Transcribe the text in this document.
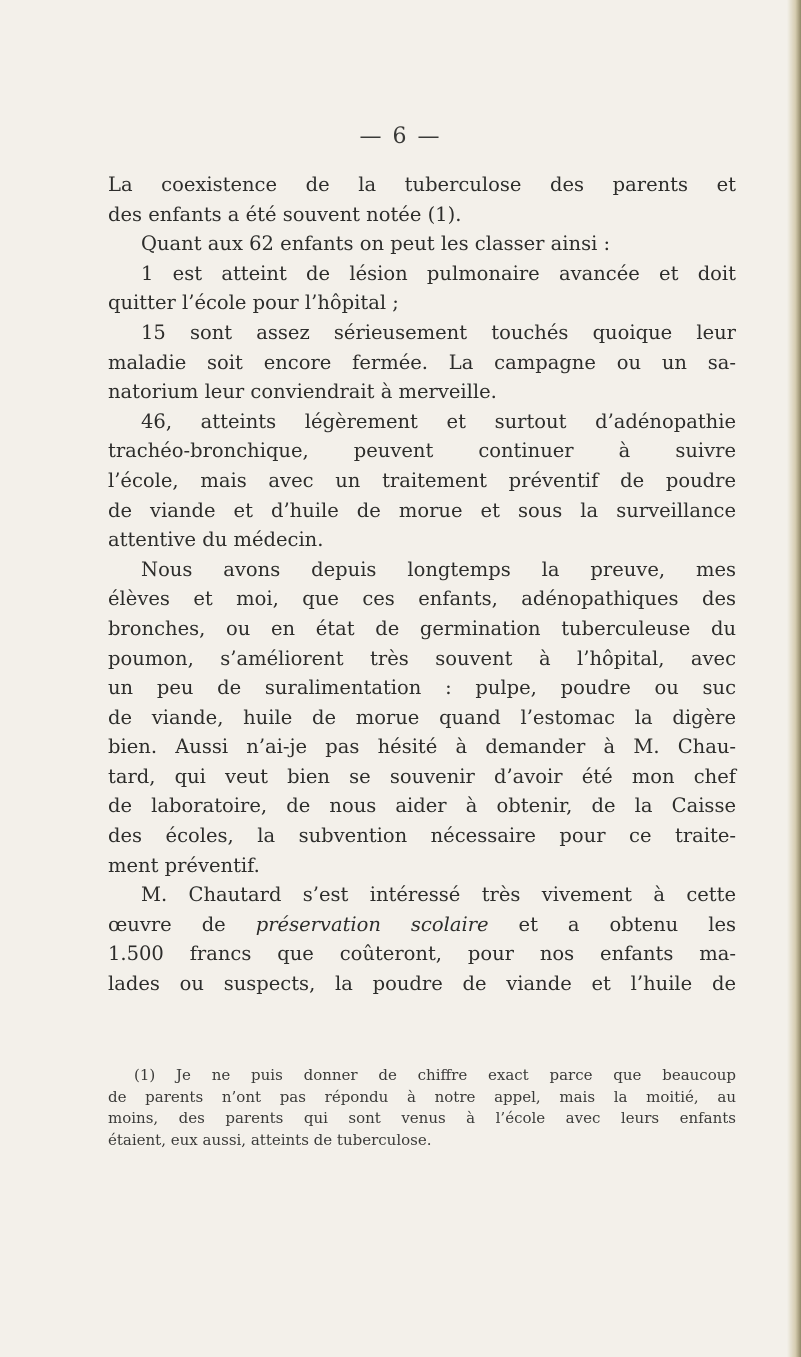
— 6 —
La coexistence de la tuberculose des parents et
des enfants a été souvent notée (1).
Quant aux 62 enfants on peut les classer ainsi :
1 est atteint de lésion pulmonaire avancée et doit
quitter l’école pour l’hôpital ;
15 sont assez sérieusement touchés quoique leur
maladie soit encore fermée. La campagne ou un sa-
natorium leur conviendrait à merveille.
46, atteints légèrement et surtout d’adénopathie
trachéo-bronchique, peuvent continuer à suivre
l’école, mais avec un traitement préventif de poudre
de viande et d’huile de morue et sous la surveillance
attentive du médecin.
Nous avons depuis longtemps la preuve, mes
élèves et moi, que ces enfants, adénopathiques des
bronches, ou en état de germination tuberculeuse du
poumon, s’améliorent très souvent à l’hôpital, avec
un peu de suralimentation : pulpe, poudre ou suc
de viande, huile de morue quand l’estomac la digère
bien. Aussi n’ai-je pas hésité à demander à M. Chau-
tard, qui veut bien se souvenir d’avoir été mon chef
de laboratoire, de nous aider à obtenir, de la Caisse
des écoles, la subvention nécessaire pour ce traite-
ment préventif.
M. Chautard s’est intéressé très vivement à cette
œuvre de préservation scolaire et a obtenu les
1.500 francs que coûteront, pour nos enfants ma-
lades ou suspects, la poudre de viande et l’huile de
(1) Je ne puis donner de chiffre exact parce que beaucoup
de parents n’ont pas répondu à notre appel, mais la moitié, au
moins, des parents qui sont venus à l’école avec leurs enfants
étaient, eux aussi, atteints de tuberculose.
